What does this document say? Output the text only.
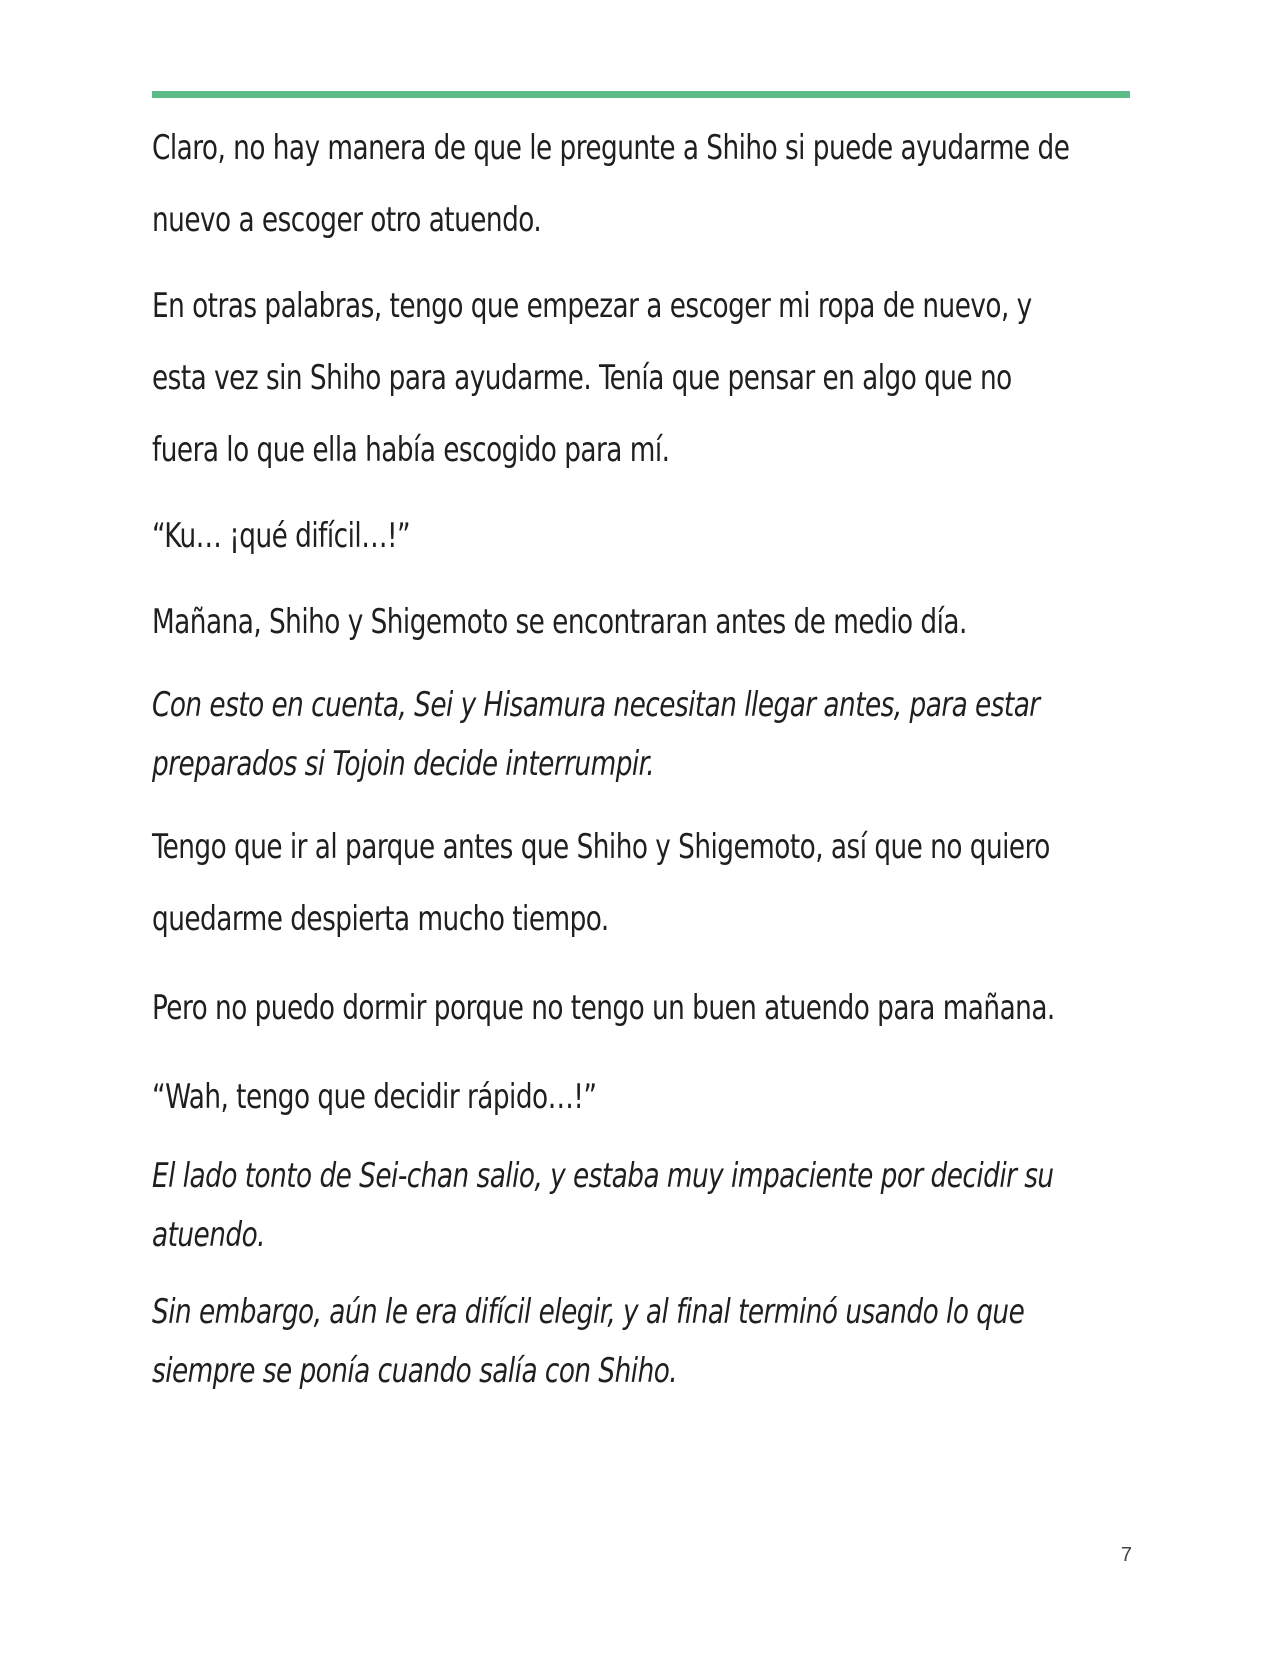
Claro, no hay manera de que le pregunte a Shiho si puede ayudarme de
nuevo a escoger otro atuendo.

En otras palabras, tengo que empezar a escoger mi ropa de nuevo, y
esta vez sin Shiho para ayudarme. Tenía que pensar en algo que no
fuera lo que ella había escogido para mí.

“Ku… ¡qué difícil…!”

Mañana, Shiho y Shigemoto se encontraran antes de medio día.

Con esto en cuenta, Sei y Hisamura necesitan llegar antes, para estar
preparados si Tojoin decide interrumpir.

Tengo que ir al parque antes que Shiho y Shigemoto, así que no quiero
quedarme despierta mucho tiempo.

Pero no puedo dormir porque no tengo un buen atuendo para mañana.

“Wah, tengo que decidir rápido…!”

El lado tonto de Sei-chan salio, y estaba muy impaciente por decidir su
atuendo.

Sin embargo, aún le era difícil elegir, y al final terminó usando lo que
siempre se ponía cuando salía con Shiho.

7
